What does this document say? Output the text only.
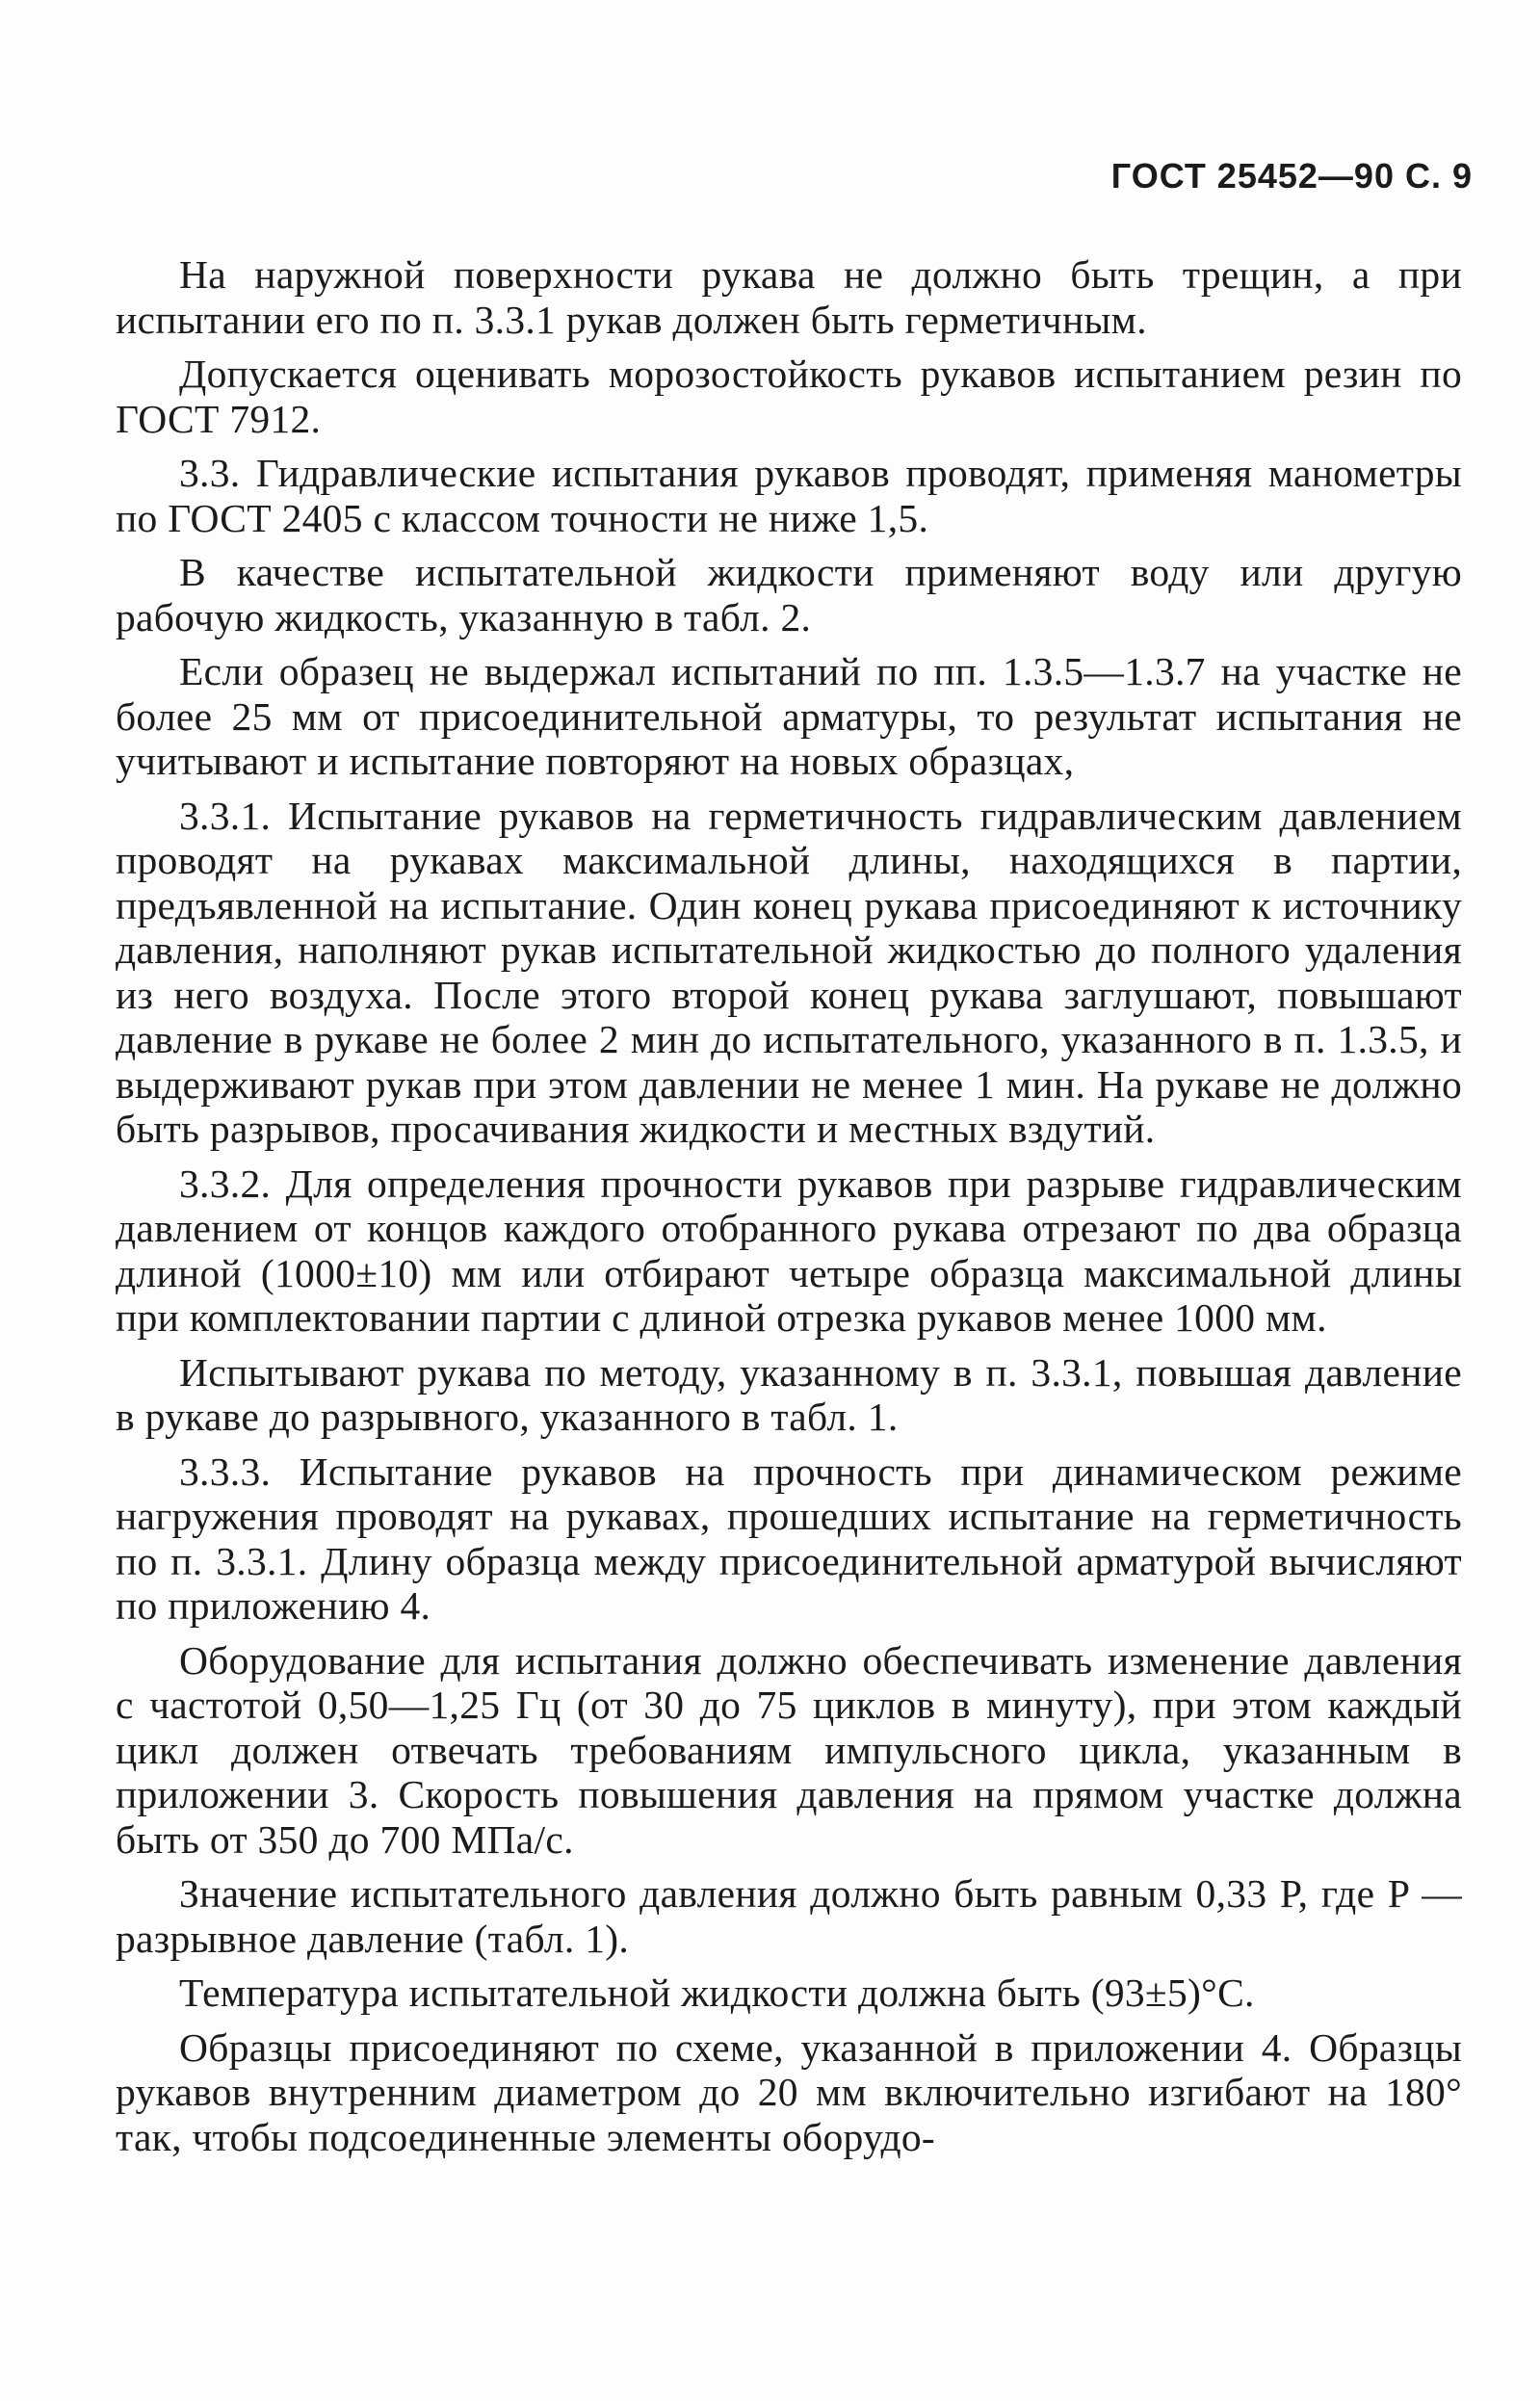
ГОСТ 25452—90 С. 9

На наружной поверхности рукава не должно быть трещин, а при испытании его по п. 3.3.1 рукав должен быть герметичным.

Допускается оценивать морозостойкость рукавов испытанием резин по ГОСТ 7912.

3.3. Гидравлические испытания рукавов проводят, применяя манометры по ГОСТ 2405 с классом точности не ниже 1,5.

В качестве испытательной жидкости применяют воду или другую рабочую жидкость, указанную в табл. 2.

Если образец не выдержал испытаний по пп. 1.3.5—1.3.7 на участке не более 25 мм от присоединительной арматуры, то результат испытания не учитывают и испытание повторяют на новых образцах,

3.3.1. Испытание рукавов на герметичность гидравлическим давлением проводят на рукавах максимальной длины, находящихся в партии, предъявленной на испытание. Один конец рукава присоединяют к источнику давления, наполняют рукав испытательной жидкостью до полного удаления из него воздуха. После этого второй конец рукава заглушают, повышают давление в рукаве не более 2 мин до испытательного, указанного в п. 1.3.5, и выдерживают рукав при этом давлении не менее 1 мин. На рукаве не должно быть разрывов, просачивания жидкости и местных вздутий.

3.3.2. Для определения прочности рукавов при разрыве гидравлическим давлением от концов каждого отобранного рукава отрезают по два образца длиной (1000±10) мм или отбирают четыре образца максимальной длины при комплектовании партии с длиной отрезка рукавов менее 1000 мм.

Испытывают рукава по методу, указанному в п. 3.3.1, повышая давление в рукаве до разрывного, указанного в табл. 1.

3.3.3. Испытание рукавов на прочность при динамическом режиме нагружения проводят на рукавах, прошедших испытание на герметичность по п. 3.3.1. Длину образца между присоединительной арматурой вычисляют по приложению 4.

Оборудование для испытания должно обеспечивать изменение давления с частотой 0,50—1,25 Гц (от 30 до 75 циклов в минуту), при этом каждый цикл должен отвечать требованиям импульсного цикла, указанным в приложении 3. Скорость повышения давления на прямом участке должна быть от 350 до 700 МПа/с.

Значение испытательного давления должно быть равным 0,33 P, где P — разрывное давление (табл. 1).

Температура испытательной жидкости должна быть (93±5)°С.

Образцы присоединяют по схеме, указанной в приложении 4. Образцы рукавов внутренним диаметром до 20 мм включительно изгибают на 180° так, чтобы подсоединенные элементы оборудо-
